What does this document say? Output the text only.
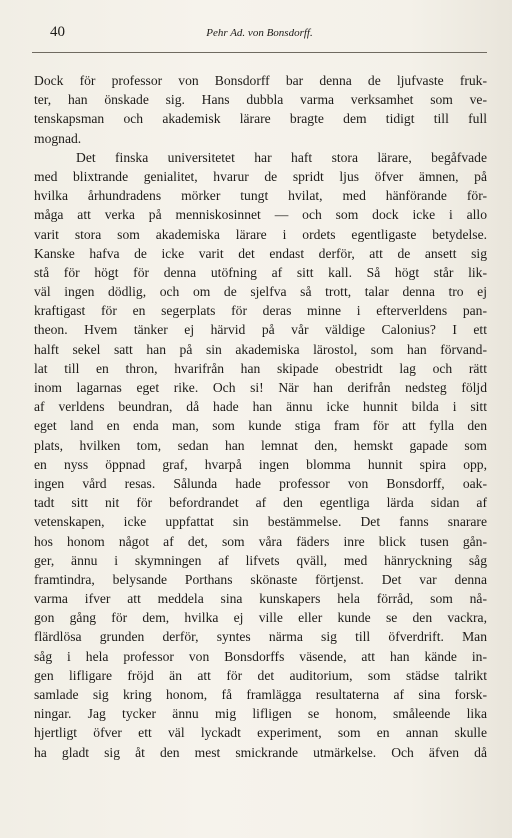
40	Pehr Ad. von Bonsdorff.
Dock för professor von Bonsdorff bar denna de ljufvaste fruk-
ter, han önskade sig. Hans dubbla varma verksamhet som ve-
tenskapsman och akademisk lärare bragte dem tidigt till full
mognad.
Det finska universitetet har haft stora lärare, begåfvade
med blixtrande genialitet, hvarur de spridt ljus öfver ämnen, på
hvilka århundradens mörker tungt hvilat, med hänförande för-
måga att verka på menniskosinnet — och som dock icke i allo
varit stora som akademiska lärare i ordets egentligaste betydelse.
Kanske hafva de icke varit det endast derför, att de ansett sig
stå för högt för denna utöfning af sitt kall. Så högt står lik-
väl ingen dödlig, och om de sjelfva så trott, talar denna tro ej
kraftigast för en segerplats för deras minne i efterverldens pan-
theon. Hvem tänker ej härvid på vår väldige Calonius? I ett
halft sekel satt han på sin akademiska lärostol, som han förvand-
lat till en thron, hvarifrån han skipade obestridt lag och rätt
inom lagarnas eget rike. Och si! När han derifrån nedsteg följd
af verldens beundran, då hade han ännu icke hunnit bilda i sitt
eget land en enda man, som kunde stiga fram för att fylla den
plats, hvilken tom, sedan han lemnat den, hemskt gapade som
en nyss öppnad graf, hvarpå ingen blomma hunnit spira opp,
ingen vård resas. Sålunda hade professor von Bonsdorff, oak-
tadt sitt nit för befordrandet af den egentliga lärda sidan af
vetenskapen, icke uppfattat sin bestämmelse. Det fanns snarare
hos honom något af det, som våra fäders inre blick tusen gån-
ger, ännu i skymningen af lifvets qväll, med hänryckning såg
framtindra, belysande Porthans skönaste förtjenst. Det var denna
varma ifver att meddela sina kunskapers hela förråd, som nå-
gon gång för dem, hvilka ej ville eller kunde se den vackra,
flärdlösa grunden derför, syntes närma sig till öfverdrift. Man
såg i hela professor von Bonsdorffs väsende, att han kände in-
gen lifligare fröjd än att för det auditorium, som städse talrikt
samlade sig kring honom, få framlägga resultaterna af sina forsk-
ningar. Jag tycker ännu mig lifligen se honom, småleende lika
hjertligt öfver ett väl lyckadt experiment, som en annan skulle
ha gladt sig åt den mest smickrande utmärkelse. Och äfven då
